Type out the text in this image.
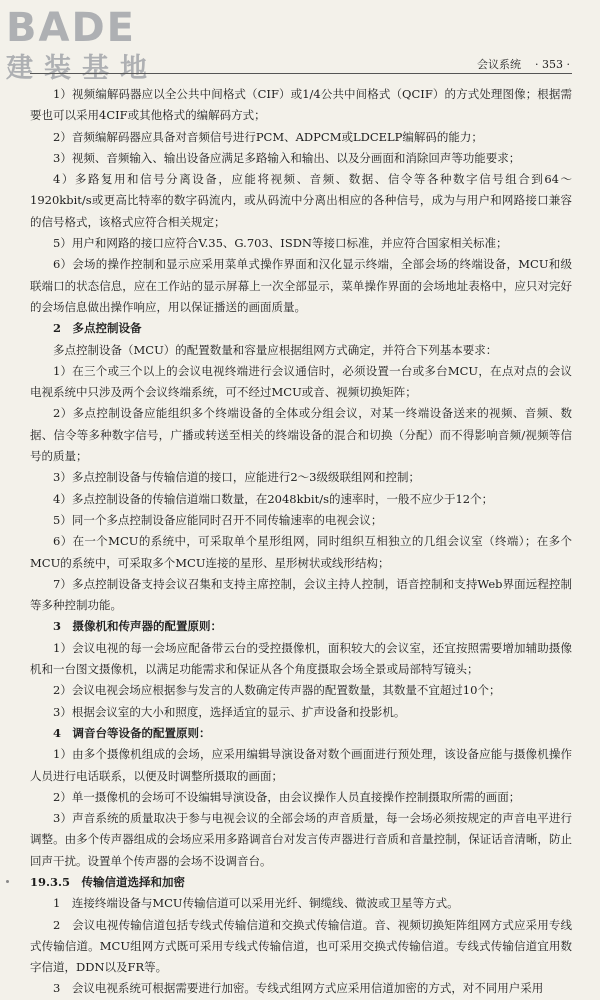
BADE
建装基地	会议系统 · 353 ·

1）视频编解码器应以全公共中间格式（CIF）或1/4公共中间格式（QCIF）的方式处理图像；根据需要也可以采用4CIF或其他格式的编解码方式；

2）音频编解码器应具备对音频信号进行PCM、ADPCM或LDCELP编解码的能力；

3）视频、音频输入、输出设备应满足多路输入和输出、以及分画面和消除回声等功能要求；

4）多路复用和信号分离设备，应能将视频、音频、数据、信令等各种数字信号组合到64～1920kbit/s或更高比特率的数字码流内，或从码流中分离出相应的各种信号，成为与用户和网路接口兼容的信号格式，该格式应符合相关规定；

5）用户和网路的接口应符合V.35、G.703、ISDN等接口标准，并应符合国家相关标准；

6）会场的操作控制和显示应采用菜单式操作界面和汉化显示终端，全部会场的终端设备，MCU和级联端口的状态信息，应在工作站的显示屏幕上一次全部显示，菜单操作界面的会场地址表格中，应只对完好的会场信息做出操作响应，用以保证播送的画面质量。

2　多点控制设备

多点控制设备（MCU）的配置数量和容量应根据组网方式确定，并符合下列基本要求：

1）在三个或三个以上的会议电视终端进行会议通信时，必须设置一台或多台MCU，在点对点的会议电视系统中只涉及两个会议终端系统，可不经过MCU或音、视频切换矩阵；

2）多点控制设备应能组织多个终端设备的全体或分组会议，对某一终端设备送来的视频、音频、数据、信令等多种数字信号，广播或转送至相关的终端设备的混合和切换（分配）而不得影响音频/视频等信号的质量；

3）多点控制设备与传输信道的接口，应能进行2～3级级联组网和控制；

4）多点控制设备的传输信道端口数量，在2048kbit/s的速率时，一般不应少于12个；

5）同一个多点控制设备应能同时召开不同传输速率的电视会议；

6）在一个MCU的系统中，可采取单个星形组网，同时组织互相独立的几组会议室（终端）；在多个MCU的系统中，可采取多个MCU连接的星形、星形树状或线形结构；

7）多点控制设备支持会议召集和支持主席控制，会议主持人控制，语音控制和支持Web界面远程控制等多种控制功能。

3　摄像机和传声器的配置原则：

1）会议电视的每一会场应配备带云台的受控摄像机，面积较大的会议室，还宜按照需要增加辅助摄像机和一台图文摄像机，以满足功能需求和保证从各个角度摄取会场全景或局部特写镜头；

2）会议电视会场应根据参与发言的人数确定传声器的配置数量，其数量不宜超过10个；

3）根据会议室的大小和照度，选择适宜的显示、扩声设备和投影机。

4　调音台等设备的配置原则：

1）由多个摄像机组成的会场，应采用编辑导演设备对数个画面进行预处理，该设备应能与摄像机操作人员进行电话联系，以便及时调整所摄取的画面；

2）单一摄像机的会场可不设编辑导演设备，由会议操作人员直接操作控制摄取所需的画面；

3）声音系统的质量取决于参与电视会议的全部会场的声音质量，每一会场必须按规定的声音电平进行调整。由多个传声器组成的会场应采用多路调音台对发言传声器进行音质和音量控制，保证话音清晰，防止回声干扰。设置单个传声器的会场不设调音台。

19.3.5　传输信道选择和加密

1　连接终端设备与MCU传输信道可以采用光纤、铜缆线、微波或卫星等方式。

2　会议电视传输信道包括专线式传输信道和交换式传输信道。音、视频切换矩阵组网方式应采用专线式传输信道。MCU组网方式既可采用专线式传输信道，也可采用交换式传输信道。专线式传输信道宜用数字信道，DDN以及FR等。

3　会议电视系统可根据需要进行加密。专线式组网方式应采用信道加密的方式，对不同用户采用
